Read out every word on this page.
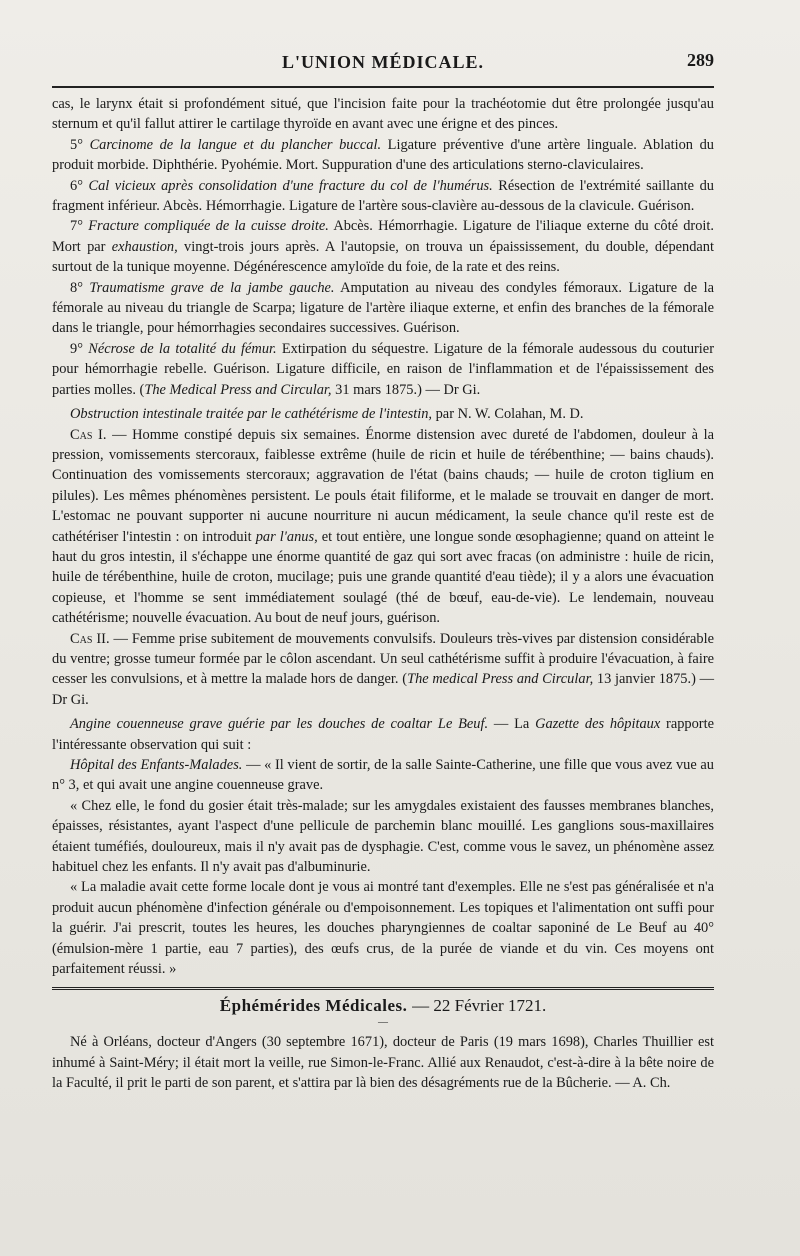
L'UNION MÉDICALE.	289

cas, le larynx était si profondément situé, que l'incision faite pour la trachéotomie dut être prolongée jusqu'au sternum et qu'il fallut attirer le cartilage thyroïde en avant avec une érigne et des pinces.

5° Carcinome de la langue et du plancher buccal. Ligature préventive d'une artère linguale. Ablation du produit morbide. Diphthérie. Pyohémie. Mort. Suppuration d'une des articulations sterno-claviculaires.

6° Cal vicieux après consolidation d'une fracture du col de l'humérus. Résection de l'extrémité saillante du fragment inférieur. Abcès. Hémorrhagie. Ligature de l'artère sous-clavière au-dessous de la clavicule. Guérison.

7° Fracture compliquée de la cuisse droite. Abcès. Hémorrhagie. Ligature de l'iliaque externe du côté droit. Mort par exhaustion, vingt-trois jours après. A l'autopsie, on trouva un épaississement, du double, dépendant surtout de la tunique moyenne. Dégénérescence amyloïde du foie, de la rate et des reins.

8° Traumatisme grave de la jambe gauche. Amputation au niveau des condyles fémoraux. Ligature de la fémorale au niveau du triangle de Scarpa; ligature de l'artère iliaque externe, et enfin des branches de la fémorale dans le triangle, pour hémorrhagies secondaires successives. Guérison.

9° Nécrose de la totalité du fémur. Extirpation du séquestre. Ligature de la fémorale audessous du couturier pour hémorrhagie rebelle. Guérison. Ligature difficile, en raison de l'inflammation et de l'épaississement des parties molles. (The Medical Press and Circular, 31 mars 1875.) — Dr Gi.

Obstruction intestinale traitée par le cathétérisme de l'intestin, par N. W. Colahan, M. D.

Cas I. — Homme constipé depuis six semaines. Énorme distension avec dureté de l'abdomen, douleur à la pression, vomissements stercoraux, faiblesse extrême (huile de ricin et huile de térébenthine; — bains chauds). Continuation des vomissements stercoraux; aggravation de l'état (bains chauds; — huile de croton tiglium en pilules). Les mêmes phénomènes persistent. Le pouls était filiforme, et le malade se trouvait en danger de mort. L'estomac ne pouvant supporter ni aucune nourriture ni aucun médicament, la seule chance qu'il reste est de cathétériser l'intestin : on introduit par l'anus, et tout entière, une longue sonde œsophagienne; quand on atteint le haut du gros intestin, il s'échappe une énorme quantité de gaz qui sort avec fracas (on administre : huile de ricin, huile de térébenthine, huile de croton, mucilage; puis une grande quantité d'eau tiède); il y a alors une évacuation copieuse, et l'homme se sent immédiatement soulagé (thé de bœuf, eau-de-vie). Le lendemain, nouveau cathétérisme; nouvelle évacuation. Au bout de neuf jours, guérison.

Cas II. — Femme prise subitement de mouvements convulsifs. Douleurs très-vives par distension considérable du ventre; grosse tumeur formée par le côlon ascendant. Un seul cathétérisme suffit à produire l'évacuation, à faire cesser les convulsions, et à mettre la malade hors de danger. (The medical Press and Circular, 13 janvier 1875.) — Dr Gi.

Angine couenneuse grave guérie par les douches de coaltar Le Beuf. — La Gazette des hôpitaux rapporte l'intéressante observation qui suit :

Hôpital des Enfants-Malades. — « Il vient de sortir, de la salle Sainte-Catherine, une fille que vous avez vue au n° 3, et qui avait une angine couenneuse grave.

« Chez elle, le fond du gosier était très-malade; sur les amygdales existaient des fausses membranes blanches, épaisses, résistantes, ayant l'aspect d'une pellicule de parchemin blanc mouillé. Les ganglions sous-maxillaires étaient tuméfiés, douloureux, mais il n'y avait pas de dysphagie. C'est, comme vous le savez, un phénomène assez habituel chez les enfants. Il n'y avait pas d'albuminurie.

« La maladie avait cette forme locale dont je vous ai montré tant d'exemples. Elle ne s'est pas généralisée et n'a produit aucun phénomène d'infection générale ou d'empoisonnement. Les topiques et l'alimentation ont suffi pour la guérir. J'ai prescrit, toutes les heures, les douches pharyngiennes de coaltar saponiné de Le Beuf au 40° (émulsion-mère 1 partie, eau 7 parties), des œufs crus, de la purée de viande et du vin. Ces moyens ont parfaitement réussi. »

Éphémérides Médicales. — 22 Février 1721.
—

Né à Orléans, docteur d'Angers (30 septembre 1671), docteur de Paris (19 mars 1698), Charles Thuillier est inhumé à Saint-Méry; il était mort la veille, rue Simon-le-Franc. Allié aux Renaudot, c'est-à-dire à la bête noire de la Faculté, il prit le parti de son parent, et s'attira par là bien des désagréments rue de la Bûcherie. — A. Ch.
